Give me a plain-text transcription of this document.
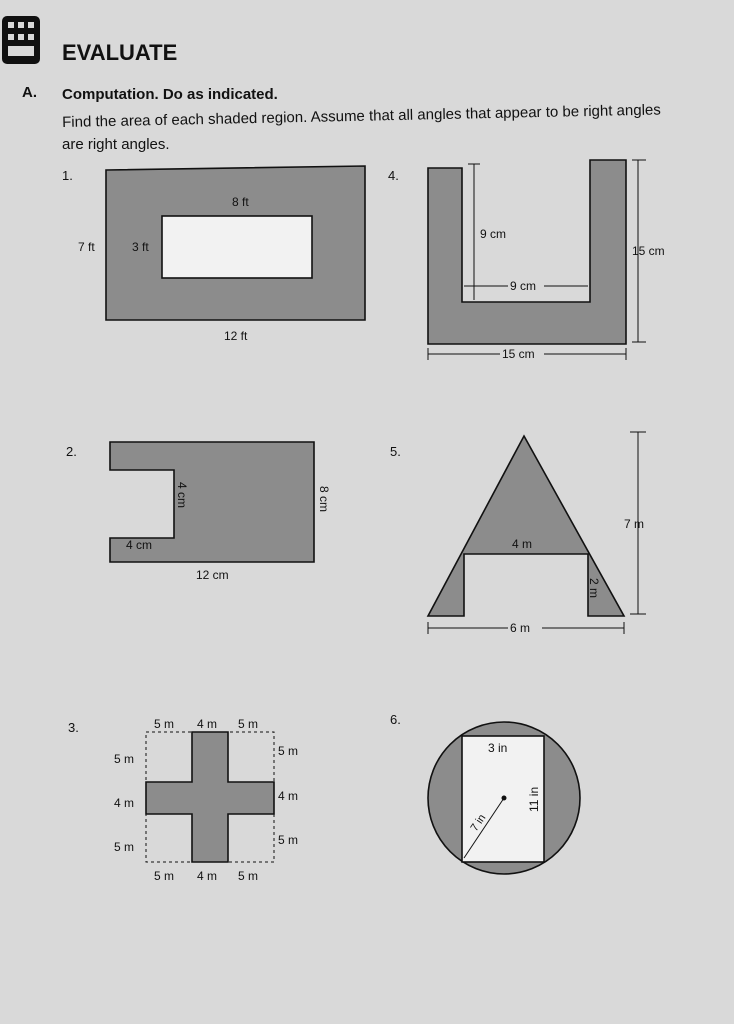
EVALUATE
A. Computation. Do as indicated.
Find the area of each shaded region. Assume that all angles that appear to be right angles
are right angles.
1.
8 ft
7 ft	3 ft
12 ft
4.
9 cm
15 cm
9 cm
15 cm
2.
4 cm	8 cm
4 cm
12 cm
5.
4 m
7 m
2 m
6 m
3.	5 m 4 m 5 m
5 m
4 m
5 m
5 m
4 m
5 m
5 m 4 m 5 m
6.
3 in
11 in
7 in
